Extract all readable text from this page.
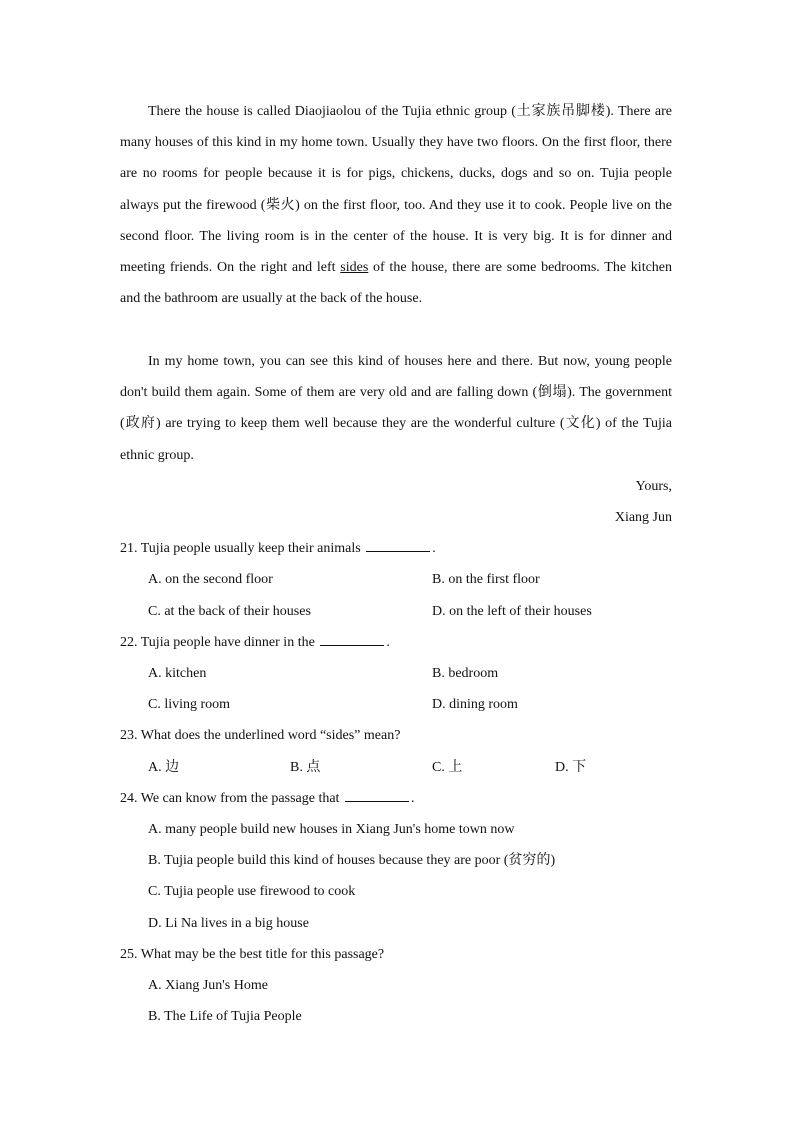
There the house is called Diaojiaolou of the Tujia ethnic group (土家族吊脚楼). There are many houses of this kind in my home town. Usually they have two floors. On the first floor, there are no rooms for people because it is for pigs, chickens, ducks, dogs and so on. Tujia people always put the firewood (柴火) on the first floor, too. And they use it to cook. People live on the second floor. The living room is in the center of the house. It is very big. It is for dinner and meeting friends. On the right and left sides of the house, there are some bedrooms. The kitchen and the bathroom are usually at the back of the house.

In my home town, you can see this kind of houses here and there. But now, young people don't build them again. Some of them are very old and are falling down (倒塌). The government (政府) are trying to keep them well because they are the wonderful culture (文化) of the Tujia ethnic group.

Yours,
Xiang Jun
21. Tujia people usually keep their animals	.
A. on the second floor	B. on the first floor
C. at the back of their houses	D. on the left of their houses
22. Tujia people have dinner in the	.
A. kitchen	B. bedroom
C. living room	D. dining room
23. What does the underlined word “sides” mean?
A. 边	B. 点	C. 上	D. 下
24. We can know from the passage that	.
A. many people build new houses in Xiang Jun's home town now
B. Tujia people build this kind of houses because they are poor (贫穷的)
C. Tujia people use firewood to cook
D. Li Na lives in a big house
25. What may be the best title for this passage?
A. Xiang Jun's Home
B. The Life of Tujia People
